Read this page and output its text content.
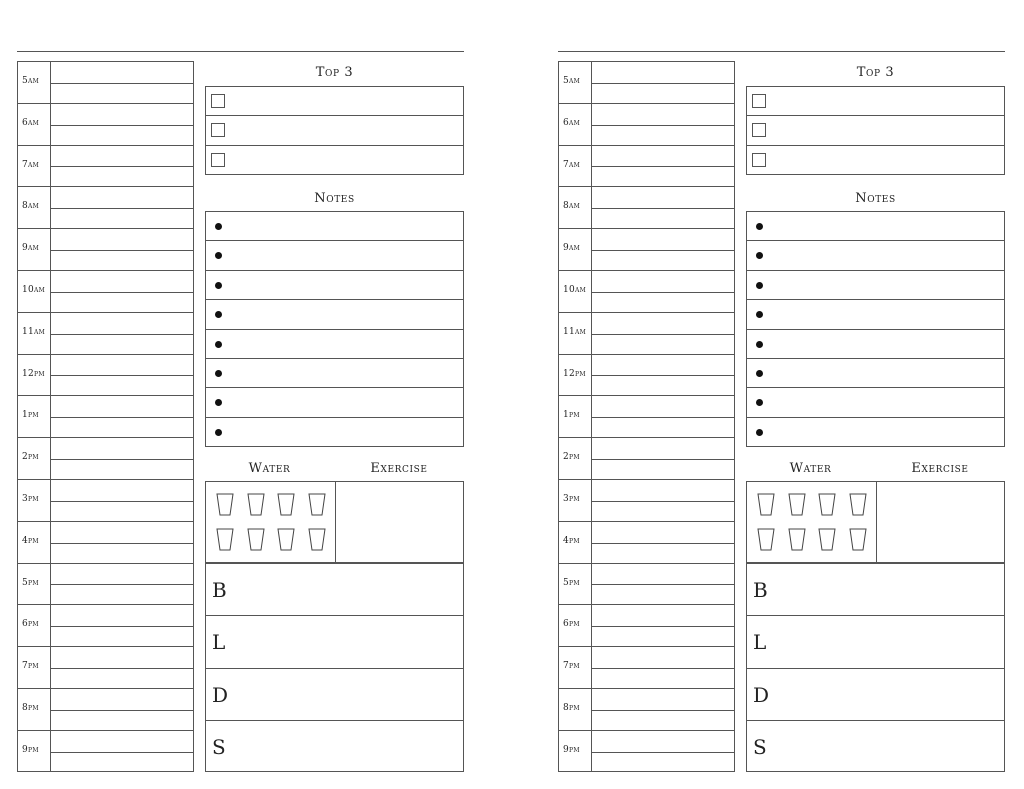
5am
6am
7am
8am
9am
10am
11am
12pm
1pm
2pm
3pm
4pm
5pm
6pm
7pm
8pm
9pm
Top 3
Notes
Water	Exercise
B
L
D
S
5am
6am
7am
8am
9am
10am
11am
12pm
1pm
2pm
3pm
4pm
5pm
6pm
7pm
8pm
9pm
Top 3
Notes
Water	Exercise
B
L
D
S
